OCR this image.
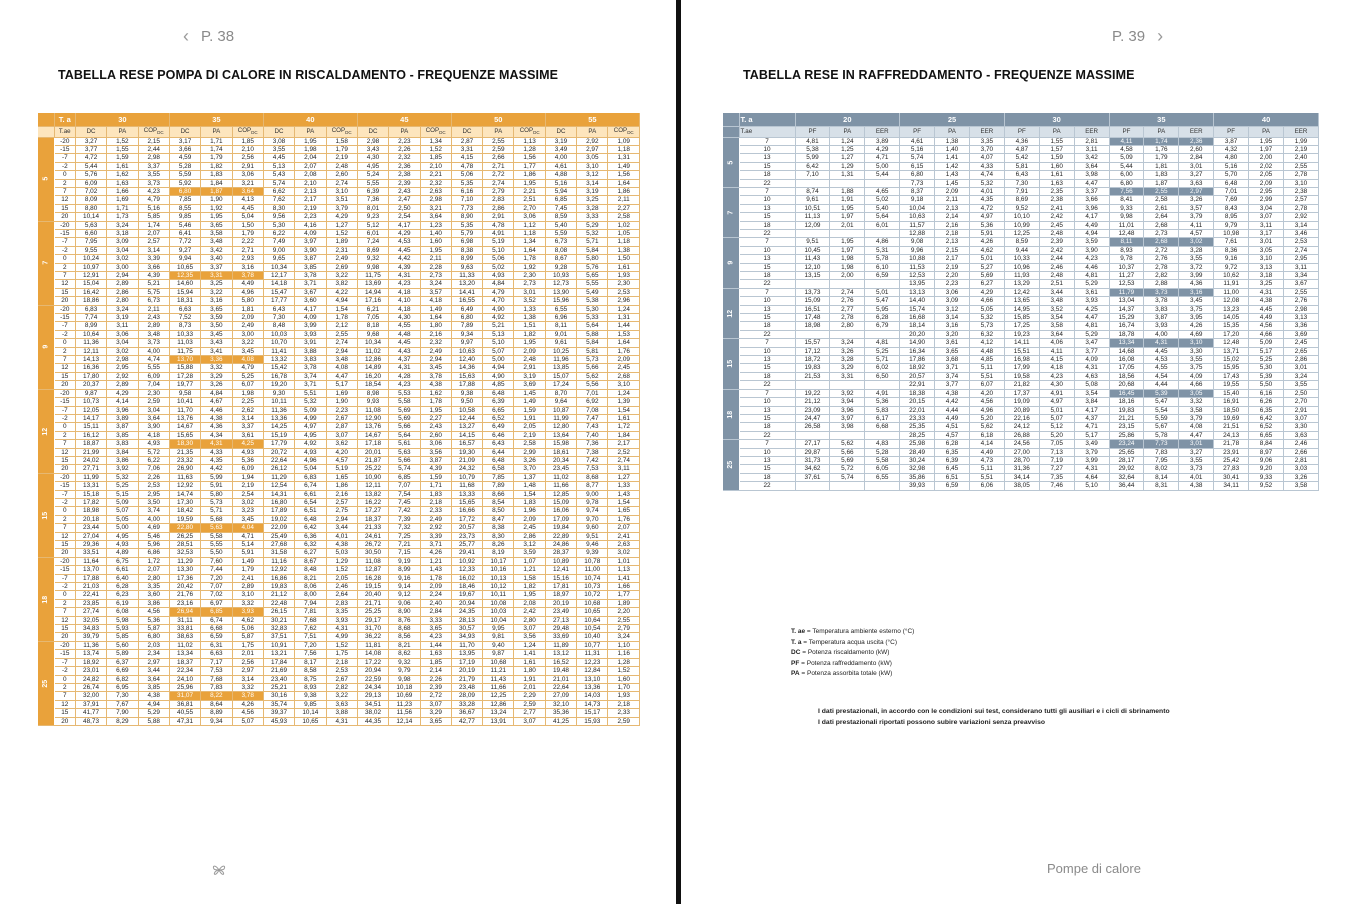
‹ P. 38
TABELLA RESE POMPA DI CALORE IN RISCALDAMENTO - FREQUENZE MASSIME
	T. a	30			35			40			45			50			55		
	T.ae	DC	PA	$COP_{DC}$	DC	PA	$COP_{DC}$	DC	PA	$COP_{DC}$	DC	PA	$COP_{DC}$	DC	PA	$COP_{DC}$	DC	PA	$COP_{DC}$
5	-20	3,27	1,52	2,15	3,17	1,71	1,85	3,08	1,95	1,58	2,98	2,23	1,34	2,87	2,55	1,13	3,19	2,92	1,09
	-15	3,77	1,55	2,44	3,66	1,74	2,10	3,55	1,98	1,79	3,43	2,26	1,52	3,31	2,59	1,28	3,49	2,97	1,18
	-7	4,72	1,59	2,98	4,59	1,79	2,56	4,45	2,04	2,19	4,30	2,32	1,85	4,15	2,66	1,56	4,00	3,05	1,31
	-2	5,44	1,61	3,37	5,28	1,82	2,91	5,13	2,07	2,48	4,95	2,36	2,10	4,78	2,71	1,77	4,61	3,10	1,49
	0	5,76	1,62	3,55	5,59	1,83	3,06	5,43	2,08	2,60	5,24	2,38	2,21	5,06	2,72	1,86	4,88	3,12	1,56
	2	6,09	1,63	3,73	5,92	1,84	3,21	5,74	2,10	2,74	5,55	2,39	2,32	5,35	2,74	1,95	5,16	3,14	1,64
	7	7,02	1,66	4,23	6,80	1,87	3,64	6,62	2,13	3,10	6,39	2,43	2,63	6,16	2,79	2,21	5,94	3,19	1,86
	12	8,09	1,69	4,79	7,85	1,90	4,13	7,62	2,17	3,51	7,36	2,47	2,98	7,10	2,83	2,51	6,85	3,25	2,11
	15	8,80	1,71	5,16	8,55	1,92	4,45	8,30	2,19	3,79	8,01	2,50	3,21	7,73	2,86	2,70	7,45	3,28	2,27
	20	10,14	1,73	5,85	9,85	1,95	5,04	9,56	2,23	4,29	9,23	2,54	3,64	8,90	2,91	3,06	8,59	3,33	2,58
7	-20	5,63	3,24	1,74	5,46	3,65	1,50	5,30	4,16	1,27	5,12	4,17	1,23	5,35	4,78	1,12	5,40	5,29	1,02
	-15	6,60	3,18	2,07	6,41	3,58	1,79	6,22	4,09	1,52	6,01	4,29	1,40	5,79	4,91	1,18	5,59	5,32	1,05
	-7	7,95	3,09	2,57	7,72	3,48	2,22	7,49	3,97	1,89	7,24	4,53	1,60	6,98	5,19	1,34	6,73	5,71	1,18
	-2	9,55	3,04	3,14	9,27	3,42	2,71	9,00	3,90	2,31	8,69	4,45	1,95	8,38	5,10	1,64	8,08	5,84	1,38
	0	10,24	3,02	3,39	9,94	3,40	2,93	9,65	3,87	2,49	9,32	4,42	2,11	8,99	5,06	1,78	8,67	5,80	1,50
	2	10,97	3,00	3,66	10,65	3,37	3,16	10,34	3,85	2,69	9,98	4,39	2,28	9,63	5,02	1,92	9,28	5,76	1,61
	7	12,91	2,94	4,39	12,35	3,31	3,78	12,17	3,78	3,22	11,75	4,31	2,73	11,33	4,93	2,30	10,93	5,65	1,93
	12	15,04	2,89	5,21	14,60	3,25	4,49	14,18	3,71	3,82	13,69	4,23	3,24	13,20	4,84	2,73	12,73	5,55	2,30
	15	16,42	2,86	5,75	15,94	3,22	4,96	15,47	3,67	4,22	14,94	4,18	3,57	14,41	4,79	3,01	13,90	5,49	2,53
	20	18,86	2,80	6,73	18,31	3,16	5,80	17,77	3,60	4,94	17,16	4,10	4,18	16,55	4,70	3,52	15,96	5,38	2,96
9	-20	6,83	3,24	2,11	6,63	3,65	1,81	6,43	4,17	1,54	6,21	4,18	1,49	6,49	4,90	1,33	6,55	5,30	1,24
	-15	7,74	3,19	2,43	7,52	3,59	2,09	7,30	4,09	1,78	7,05	4,30	1,64	6,80	4,92	1,38	6,96	5,33	1,31
	-7	8,99	3,11	2,89	8,73	3,50	2,49	8,48	3,99	2,12	8,18	4,55	1,80	7,89	5,21	1,51	8,11	5,64	1,44
	-2	10,64	3,06	3,48	10,33	3,45	3,00	10,03	3,93	2,55	9,68	4,48	2,16	9,34	5,13	1,82	9,01	5,88	1,53
	0	11,36	3,04	3,73	11,03	3,43	3,22	10,70	3,91	2,74	10,34	4,45	2,32	9,97	5,10	1,95	9,61	5,84	1,64
	2	12,11	3,02	4,00	11,75	3,41	3,45	11,41	3,88	2,94	11,02	4,43	2,49	10,63	5,07	2,09	10,25	5,81	1,76
	7	14,13	2,98	4,74	13,70	3,36	4,08	13,32	3,83	3,48	12,86	4,37	2,94	12,40	5,00	2,48	11,96	5,73	2,09
	12	16,36	2,95	5,55	15,88	3,32	4,79	15,42	3,78	4,08	14,89	4,31	3,45	14,36	4,94	2,91	13,85	5,66	2,45
	15	17,80	2,92	6,09	17,28	3,29	5,25	16,78	3,74	4,47	16,20	4,28	3,78	15,63	4,90	3,19	15,07	5,62	2,68
	20	20,37	2,89	7,04	19,77	3,26	6,07	19,20	3,71	5,17	18,54	4,23	4,38	17,88	4,85	3,69	17,24	5,56	3,10
12	-20	9,87	4,29	2,30	9,58	4,84	1,98	9,30	5,51	1,69	8,98	5,53	1,62	9,38	6,48	1,45	8,70	7,01	1,24
	-15	10,73	4,14	2,59	10,41	4,67	2,25	10,11	5,32	1,90	9,93	5,58	1,78	9,50	6,39	1,49	9,64	6,92	1,39
	-7	12,05	3,96	3,04	11,70	4,46	2,62	11,36	5,09	2,23	11,08	5,69	1,95	10,58	6,65	1,59	10,87	7,08	1,54
	-2	14,17	3,89	3,64	13,76	4,38	3,14	13,36	4,99	2,67	12,90	5,69	2,27	12,44	6,52	1,91	11,99	7,47	1,61
	0	15,11	3,87	3,90	14,67	4,36	3,37	14,25	4,97	2,87	13,76	5,66	2,43	13,27	6,49	2,05	12,80	7,43	1,72
	2	16,12	3,85	4,18	15,65	4,34	3,61	15,19	4,95	3,07	14,67	5,64	2,60	14,15	6,46	2,19	13,64	7,40	1,84
	7	18,87	3,83	4,93	18,30	4,31	4,25	17,79	4,92	3,62	17,18	5,61	3,06	16,57	6,43	2,58	15,98	7,36	2,17
	12	21,99	3,84	5,72	21,35	4,33	4,93	20,72	4,93	4,20	20,01	5,63	3,56	19,30	6,44	2,99	18,61	7,38	2,52
	15	24,02	3,86	6,22	23,32	4,35	5,36	22,64	4,96	4,57	21,87	5,66	3,87	21,09	6,48	3,26	20,34	7,42	2,74
	20	27,71	3,92	7,06	26,90	4,42	6,09	26,12	5,04	5,19	25,22	5,74	4,39	24,32	6,58	3,70	23,45	7,53	3,11
15	-20	11,99	5,32	2,26	11,63	5,99	1,94	11,29	6,83	1,65	10,90	6,85	1,59	10,79	7,85	1,37	11,02	8,68	1,27
	-15	13,31	5,25	2,53	12,92	5,91	2,19	12,54	6,74	1,86	12,11	7,07	1,71	11,68	7,89	1,48	11,66	8,77	1,33
	-7	15,18	5,15	2,95	14,74	5,80	2,54	14,31	6,61	2,16	13,82	7,54	1,83	13,33	8,66	1,54	12,85	9,00	1,43
	-2	17,82	5,09	3,50	17,30	5,73	3,02	16,80	6,54	2,57	16,22	7,45	2,18	15,65	8,54	1,83	15,09	9,78	1,54
	0	18,98	5,07	3,74	18,42	5,71	3,23	17,89	6,51	2,75	17,27	7,42	2,33	16,66	8,50	1,96	16,06	9,74	1,65
	2	20,18	5,05	4,00	19,59	5,68	3,45	19,02	6,48	2,94	18,37	7,39	2,49	17,72	8,47	2,09	17,09	9,70	1,76
	7	23,44	5,00	4,69	22,80	5,63	4,04	22,09	6,42	3,44	21,33	7,32	2,92	20,57	8,38	2,45	19,84	9,60	2,07
	12	27,04	4,95	5,46	26,25	5,58	4,71	25,49	6,36	4,01	24,61	7,25	3,39	23,73	8,30	2,86	22,89	9,51	2,41
	15	29,36	4,93	5,96	28,51	5,55	5,14	27,68	6,32	4,38	26,72	7,21	3,71	25,77	8,26	3,12	24,86	9,46	2,63
	20	33,51	4,89	6,86	32,53	5,50	5,91	31,58	6,27	5,03	30,50	7,15	4,26	29,41	8,19	3,59	28,37	9,39	3,02
18	-20	11,64	6,75	1,72	11,29	7,60	1,49	11,16	8,67	1,29	11,08	9,19	1,21	10,92	10,17	1,07	10,89	10,78	1,01
	-15	13,70	6,61	2,07	13,30	7,44	1,79	12,92	8,48	1,52	12,87	8,99	1,43	12,33	10,16	1,21	12,41	11,00	1,13
	-7	17,88	6,40	2,80	17,36	7,20	2,41	16,86	8,21	2,05	16,28	9,16	1,78	16,02	10,13	1,58	15,16	10,74	1,41
	-2	21,03	6,28	3,35	20,42	7,07	2,89	19,83	8,06	2,46	19,15	9,14	2,09	18,46	10,12	1,82	17,81	10,73	1,66
	0	22,41	6,23	3,60	21,76	7,02	3,10	21,12	8,00	2,64	20,40	9,12	2,24	19,67	10,11	1,95	18,97	10,72	1,77
	2	23,85	6,19	3,86	23,16	6,97	3,32	22,48	7,94	2,83	21,71	9,06	2,40	20,94	10,08	2,08	20,19	10,68	1,89
	7	27,74	6,08	4,56	26,94	6,85	3,93	26,15	7,81	3,35	25,25	8,90	2,84	24,35	10,03	2,42	23,49	10,65	2,20
	12	32,05	5,98	5,36	31,11	6,74	4,62	30,21	7,68	3,93	29,17	8,76	3,33	28,13	10,04	2,80	27,13	10,64	2,55
	15	34,83	5,93	5,87	33,81	6,68	5,06	32,83	7,62	4,31	31,70	8,68	3,65	30,57	9,95	3,07	29,48	10,54	2,79
	20	39,79	5,85	6,80	38,63	6,59	5,87	37,51	7,51	4,99	36,22	8,56	4,23	34,93	9,81	3,56	33,69	10,40	3,24
25	-20	11,36	5,60	2,03	11,02	6,31	1,75	10,91	7,20	1,52	11,81	8,21	1,44	11,70	9,40	1,24	11,89	10,77	1,10
	-15	13,74	5,89	2,34	13,34	6,63	2,01	13,21	7,56	1,75	14,08	8,62	1,63	13,95	9,87	1,41	13,12	11,31	1,16
	-7	18,92	6,37	2,97	18,37	7,17	2,56	17,84	8,17	2,18	17,22	9,32	1,85	17,19	10,68	1,61	16,52	12,23	1,28
	-2	23,01	6,69	3,44	22,34	7,53	2,97	21,69	8,58	2,53	20,94	9,79	2,14	20,19	11,21	1,80	19,48	12,84	1,52
	0	24,82	6,82	3,64	24,10	7,68	3,14	23,40	8,75	2,67	22,59	9,98	2,26	21,79	11,43	1,91	21,01	13,10	1,60
	2	26,74	6,95	3,85	25,96	7,83	3,32	25,21	8,93	2,82	24,34	10,18	2,39	23,48	11,66	2,01	22,64	13,36	1,70
	7	32,00	7,30	4,38	31,07	8,22	3,78	30,16	9,38	3,22	29,13	10,69	2,72	28,09	12,25	2,29	27,09	14,03	1,93
	12	37,91	7,67	4,94	36,81	8,64	4,26	35,74	9,85	3,63	34,51	11,23	3,07	33,28	12,86	2,59	32,10	14,73	2,18
	15	41,77	7,90	5,29	40,55	8,89	4,56	39,37	10,14	3,88	38,02	11,56	3,29	36,67	13,24	2,77	35,36	15,17	2,33
	20	48,73	8,29	5,88	47,31	9,34	5,07	45,93	10,65	4,31	44,35	12,14	3,65	42,77	13,91	3,07	41,25	15,93	2,59
P. 39 ›
TABELLA RESE IN RAFFREDDAMENTO - FREQUENZE MASSIME
	T. a	20			25			30			35			40		
	T.ae	PF	PA	EER	PF	PA	EER	PF	PA	EER	PF	PA	EER	PF	PA	EER
5	7	4,81	1,24	3,89	4,61	1,38	3,35	4,36	1,55	2,81	4,11	1,74	2,36	3,87	1,95	1,99
	10	5,38	1,25	4,29	5,16	1,40	3,70	4,87	1,57	3,11	4,58	1,76	2,60	4,32	1,97	2,19
	13	5,99	1,27	4,71	5,74	1,41	4,07	5,42	1,59	3,42	5,09	1,79	2,84	4,80	2,00	2,40
	15	6,42	1,29	5,00	6,15	1,42	4,33	5,81	1,60	3,64	5,44	1,81	3,01	5,16	2,02	2,55
	18	7,10	1,31	5,44	6,80	1,43	4,74	6,43	1,61	3,98	6,00	1,83	3,27	5,70	2,05	2,78
	22				7,73	1,45	5,32	7,30	1,63	4,47	6,80	1,87	3,63	6,48	2,09	3,10
7	7	8,74	1,88	4,65	8,37	2,09	4,01	7,91	2,35	3,37	7,56	2,55	2,97	7,01	2,95	2,38
	10	9,61	1,91	5,02	9,18	2,11	4,35	8,69	2,38	3,66	8,41	2,58	3,26	7,69	2,99	2,57
	13	10,51	1,95	5,40	10,04	2,13	4,72	9,52	2,41	3,96	9,33	2,61	3,57	8,43	3,04	2,78
	15	11,13	1,97	5,64	10,63	2,14	4,97	10,10	2,42	4,17	9,98	2,64	3,79	8,95	3,07	2,92
	18	12,09	2,01	6,01	11,57	2,16	5,36	10,99	2,45	4,49	11,01	2,68	4,11	9,79	3,11	3,14
	22				12,88	2,18	5,91	12,25	2,48	4,94	12,48	2,73	4,57	10,98	3,17	3,46
9	7	9,51	1,95	4,86	9,08	2,13	4,26	8,59	2,39	3,59	8,11	2,68	3,02	7,61	3,01	2,53
	10	10,45	1,97	5,31	9,96	2,15	4,62	9,44	2,42	3,90	8,93	2,72	3,28	8,36	3,05	2,74
	13	11,43	1,98	5,78	10,88	2,17	5,01	10,33	2,44	4,23	9,78	2,76	3,55	9,16	3,10	2,95
	15	12,10	1,98	6,10	11,53	2,19	5,27	10,96	2,46	4,46	10,37	2,78	3,72	9,72	3,13	3,11
	18	13,15	2,00	6,59	12,53	2,20	5,69	11,93	2,48	4,81	11,27	2,82	3,99	10,62	3,18	3,34
	22				13,95	2,23	6,27	13,29	2,51	5,29	12,53	2,88	4,36	11,91	3,25	3,67
12	7	13,73	2,74	5,01	13,13	3,06	4,29	12,42	3,44	3,61	11,79	3,73	3,16	11,00	4,31	2,55
	10	15,09	2,76	5,47	14,40	3,09	4,66	13,65	3,48	3,93	13,04	3,78	3,45	12,08	4,38	2,76
	13	16,51	2,77	5,95	15,74	3,12	5,05	14,95	3,52	4,25	14,37	3,83	3,75	13,23	4,45	2,98
	15	17,48	2,78	6,28	16,68	3,14	5,32	15,85	3,54	4,47	15,29	3,87	3,95	14,05	4,49	3,13
	18	18,98	2,80	6,79	18,14	3,16	5,73	17,25	3,58	4,81	16,74	3,93	4,26	15,35	4,56	3,36
	22				20,20	3,20	6,32	19,23	3,64	5,29	18,78	4,00	4,69	17,20	4,66	3,69
15	7	15,57	3,24	4,81	14,90	3,61	4,12	14,11	4,06	3,47	13,34	4,31	3,10	12,48	5,09	2,45
	10	17,12	3,26	5,25	16,34	3,65	4,48	15,51	4,11	3,77	14,68	4,45	3,30	13,71	5,17	2,65
	13	18,72	3,28	5,71	17,86	3,68	4,85	16,98	4,15	4,09	16,08	4,53	3,55	15,02	5,25	2,86
	15	19,83	3,29	6,02	18,92	3,71	5,11	17,99	4,18	4,31	17,05	4,55	3,75	15,95	5,30	3,01
	18	21,53	3,31	6,50	20,57	3,74	5,51	19,58	4,23	4,63	18,56	4,54	4,09	17,43	5,39	3,24
	22				22,91	3,77	6,07	21,82	4,30	5,08	20,68	4,44	4,66	19,55	5,50	3,55
18	7	19,22	3,92	4,91	18,38	4,38	4,20	17,37	4,91	3,54	16,45	5,39	3,05	15,40	6,16	2,50
	10	21,12	3,94	5,36	20,15	4,42	4,56	19,09	4,97	3,84	18,16	5,47	3,32	16,91	6,26	2,70
	13	23,09	3,96	5,83	22,01	4,44	4,96	20,89	5,01	4,17	19,83	5,54	3,58	18,50	6,35	2,91
	15	24,47	3,97	6,17	23,33	4,49	5,20	22,16	5,07	4,37	21,21	5,59	3,79	19,69	6,42	3,07
	18	26,58	3,98	6,68	25,35	4,51	5,62	24,12	5,12	4,71	23,15	5,67	4,08	21,51	6,52	3,30
	22				28,25	4,57	6,18	26,88	5,20	5,17	25,86	5,78	4,47	24,13	6,65	3,63
25	7	27,17	5,62	4,83	25,98	6,28	4,14	24,56	7,05	3,49	23,24	7,73	3,01	21,78	8,84	2,46
	10	29,87	5,66	5,28	28,49	6,35	4,49	27,00	7,13	3,79	25,65	7,83	3,27	23,91	8,97	2,66
	13	31,73	5,69	5,58	30,24	6,39	4,73	28,70	7,19	3,99	28,17	7,95	3,55	25,42	9,06	2,81
	15	34,62	5,72	6,05	32,98	6,45	5,11	31,36	7,27	4,31	29,92	8,02	3,73	27,83	9,20	3,03
	18	37,61	5,74	6,55	35,86	6,51	5,51	34,14	7,35	4,64	32,64	8,14	4,01	30,41	9,33	3,26
	22				39,93	6,59	6,06	38,05	7,46	5,10	36,44	8,31	4,38	34,11	9,52	3,58
T. ae = Temperatura ambiente esterno (°C)
T. a = Temperatura acqua uscita (°C)
DC = Potenza riscaldamento (kW)
PF = Potenza raffreddamento (kW)
PA = Potenza assorbita totale (kW)
I dati prestazionali, in accordo con le condizioni sui test, considerano tutti gli ausiliari e i cicli di sbrinamento
I dati prestazionali riportati possono subire variazioni senza preavviso
Pompe di calore
